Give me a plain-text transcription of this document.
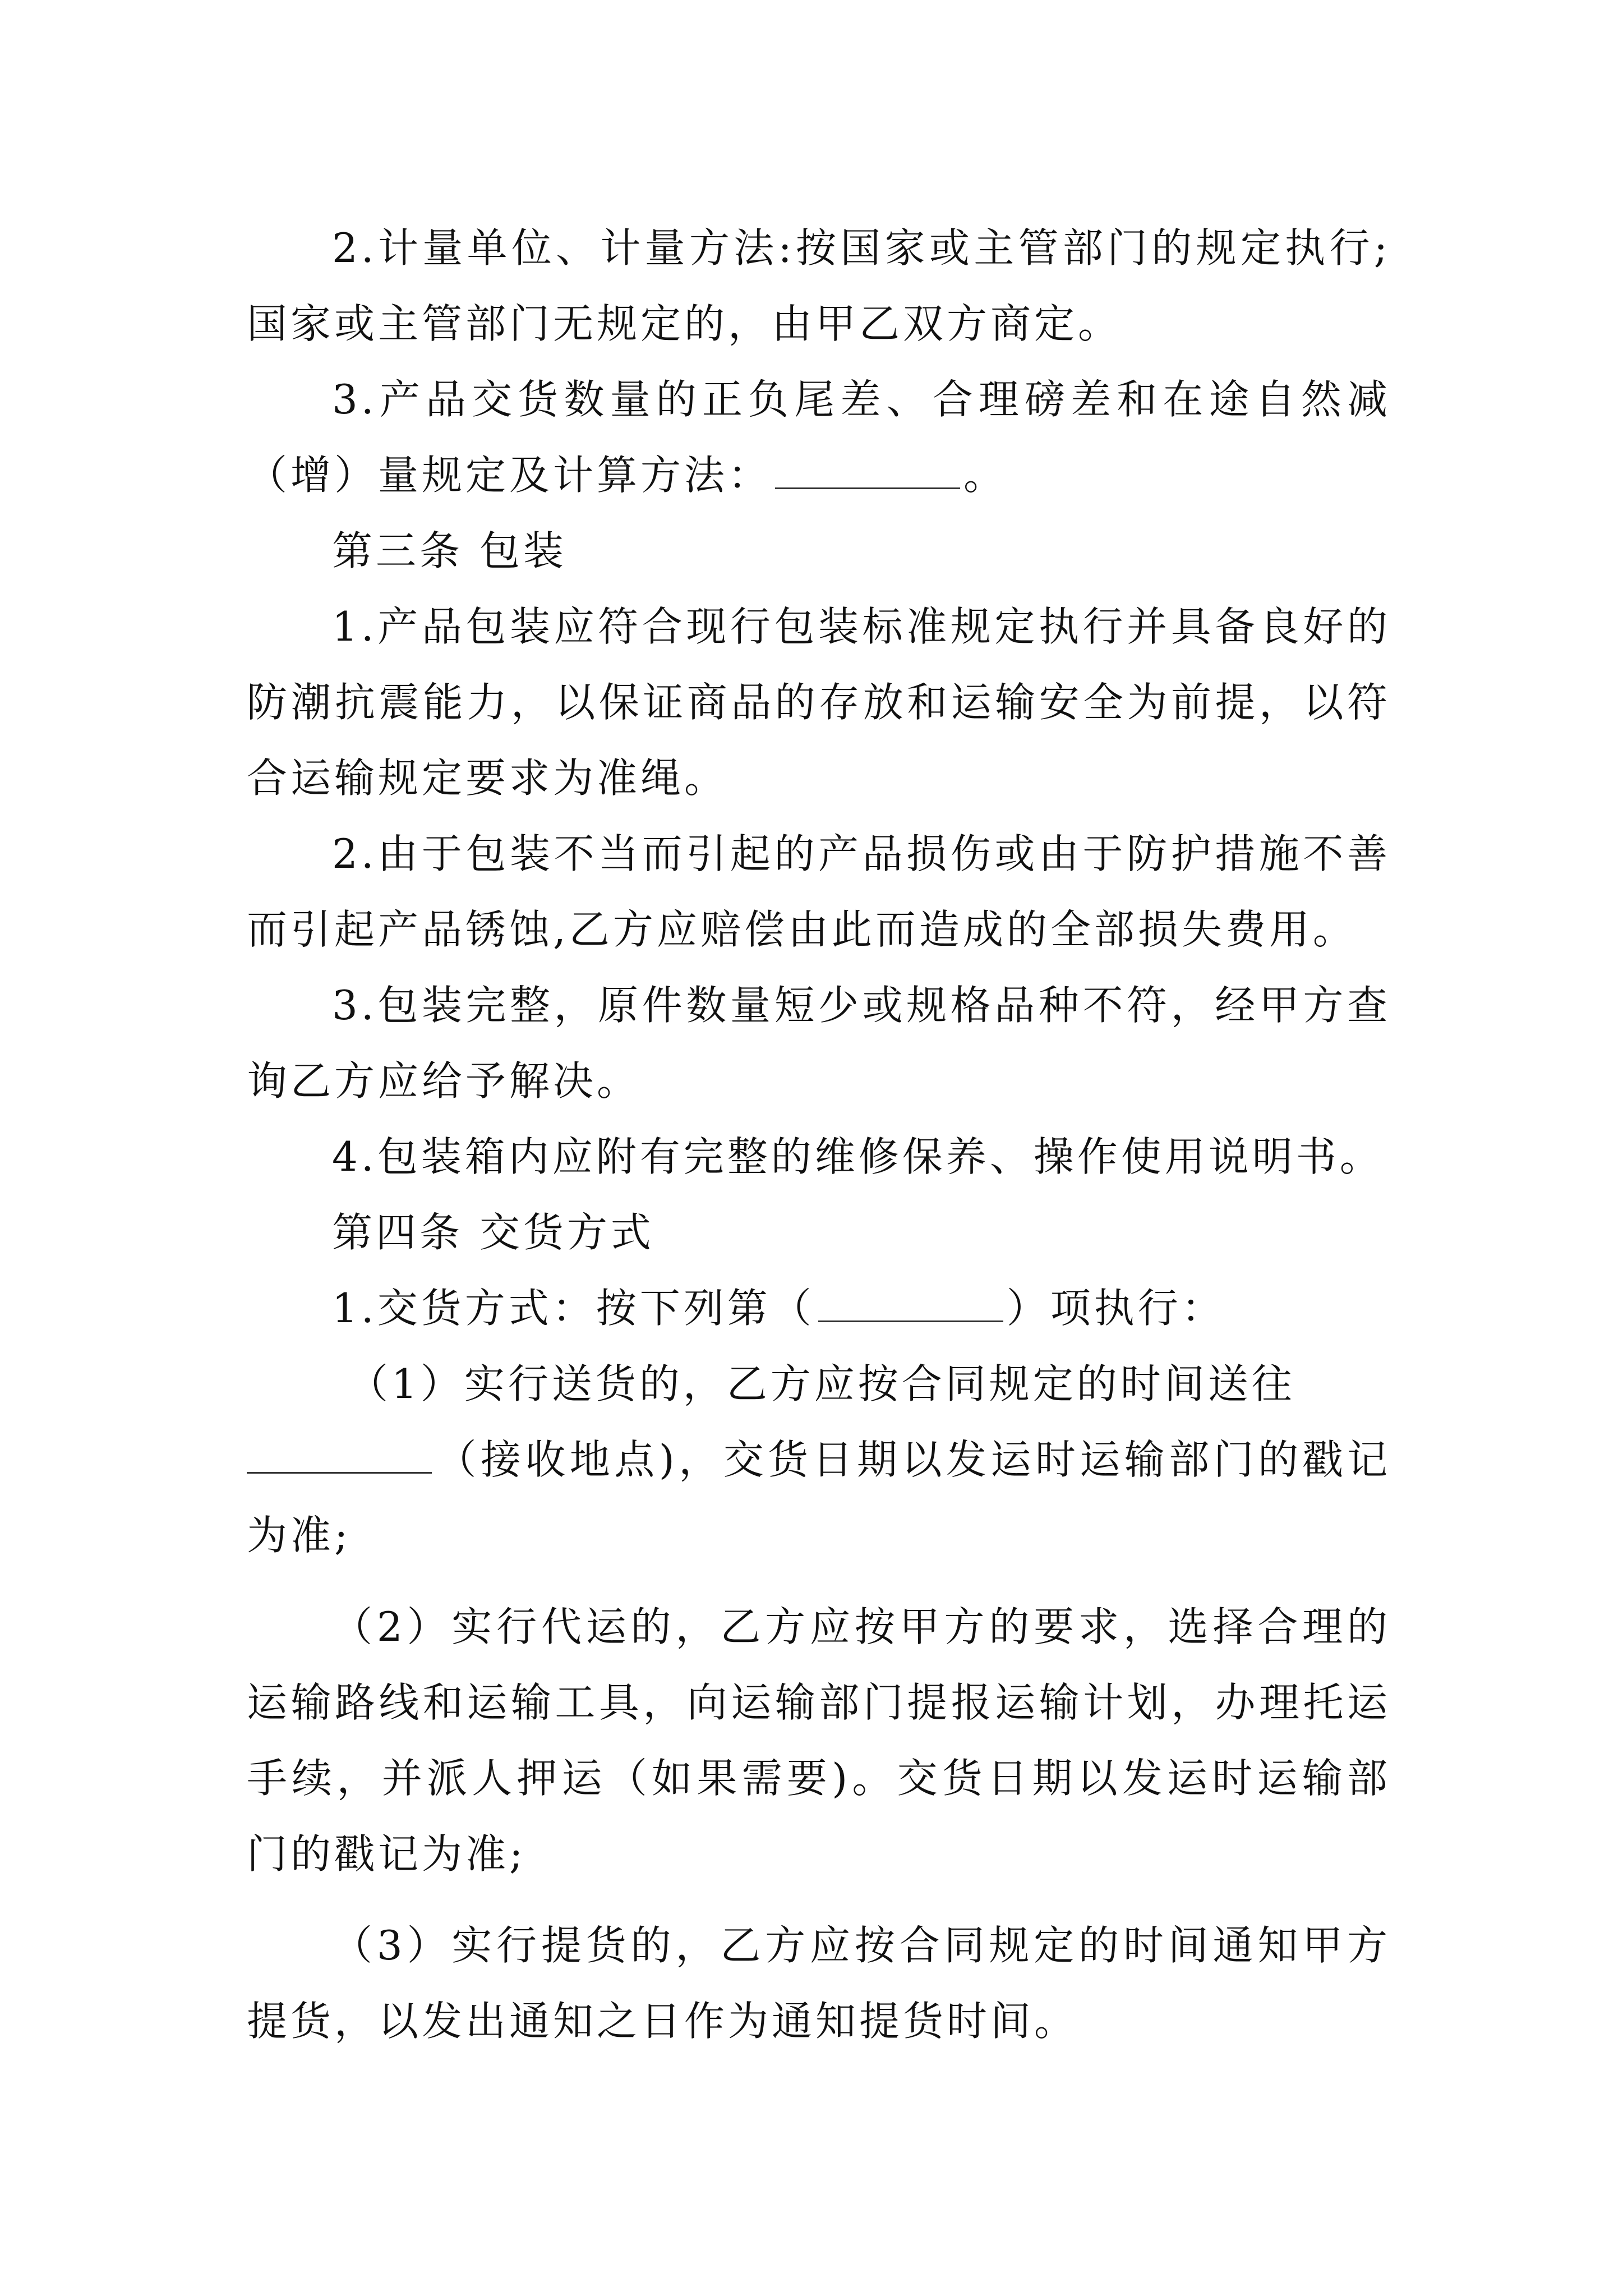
2.计量单位、计量方法:按国家或主管部门的规定执行;国家或主管部门无规定的，由甲乙双方商定。

3.产品交货数量的正负尾差、合理磅差和在途自然减（增）量规定及计算方法：	。

第三条 包装

1.产品包装应符合现行包装标准规定执行并具备良好的防潮抗震能力，以保证商品的存放和运输安全为前提，以符合运输规定要求为准绳。

2.由于包装不当而引起的产品损伤或由于防护措施不善而引起产品锈蚀,乙方应赔偿由此而造成的全部损失费用。

3.包装完整，原件数量短少或规格品种不符，经甲方查询乙方应给予解决。

4.包装箱内应附有完整的维修保养、操作使用说明书。

第四条 交货方式

1.交货方式：按下列第（	）项执行：

（1）实行送货的，乙方应按合同规定的时间送往
（接收地点)，交货日期以发运时运输部门的戳记为准;

（2）实行代运的，乙方应按甲方的要求，选择合理的运输路线和运输工具，向运输部门提报运输计划，办理托运手续，并派人押运（如果需要)。交货日期以发运时运输部门的戳记为准;

（3）实行提货的，乙方应按合同规定的时间通知甲方提货，以发出通知之日作为通知提货时间。
